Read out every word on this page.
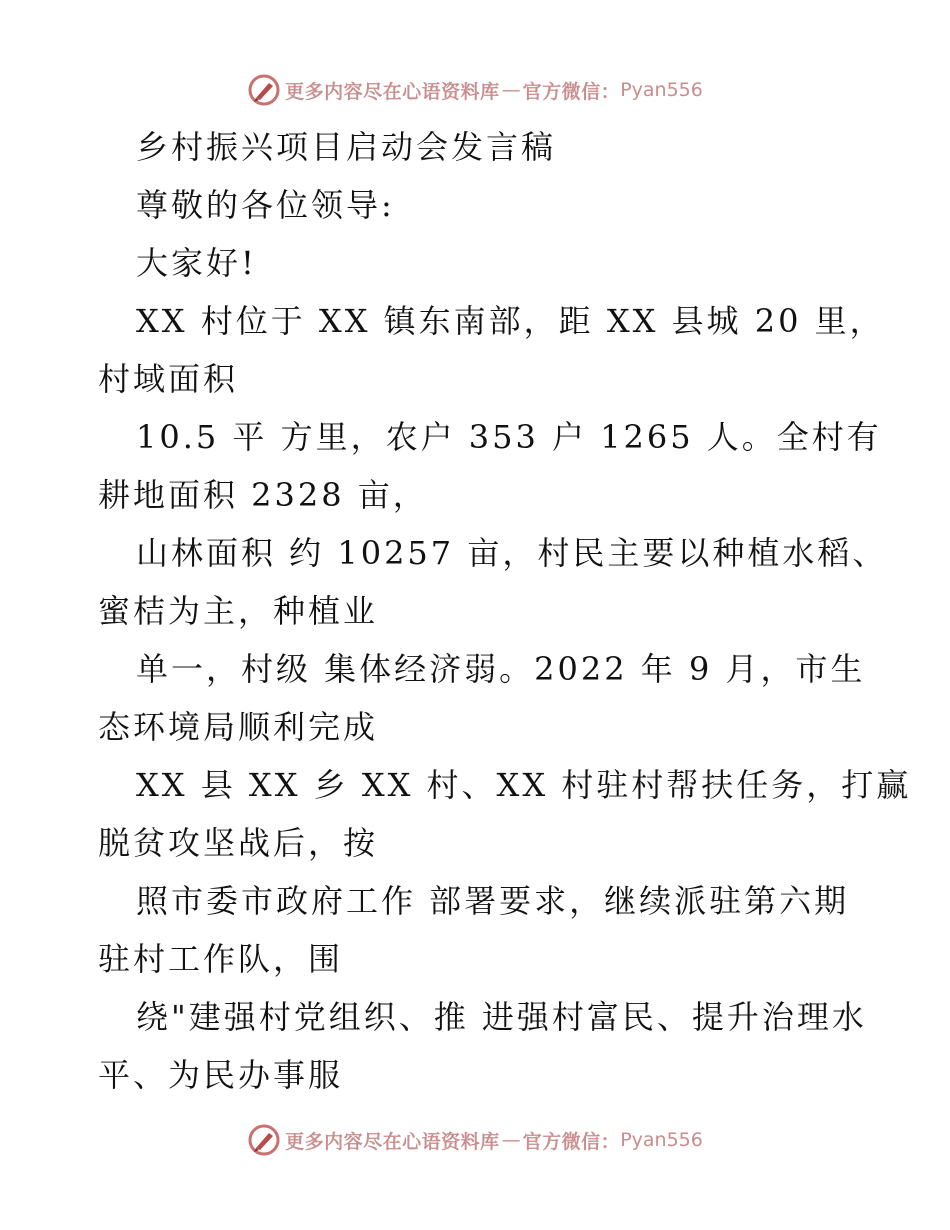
更多内容尽在心语资料库 — 官方微信： Pyan556
乡村振兴项目启动会发言稿
尊敬的各位领导:
大家好!
XX 村位于 XX 镇东南部，距 XX 县城 20 里，
村域面积
10.5 平 方里，农户 353 户 1265 人。全村有
耕地面积 2328 亩，
山林面积 约 10257 亩，村民主要以种植水稻、
蜜桔为主，种植业
单一，村级 集体经济弱。2022 年 9 月，市生
态环境局顺利完成
XX 县 XX 乡 XX 村、XX 村驻村帮扶任务，打赢
脱贫攻坚战后，按
照市委市政府工作 部署要求，继续派驻第六期
驻村工作队，围
绕"建强村党组织、推 进强村富民、提升治理水
平、为民办事服
更多内容尽在心语资料库 — 官方微信： Pyan556
